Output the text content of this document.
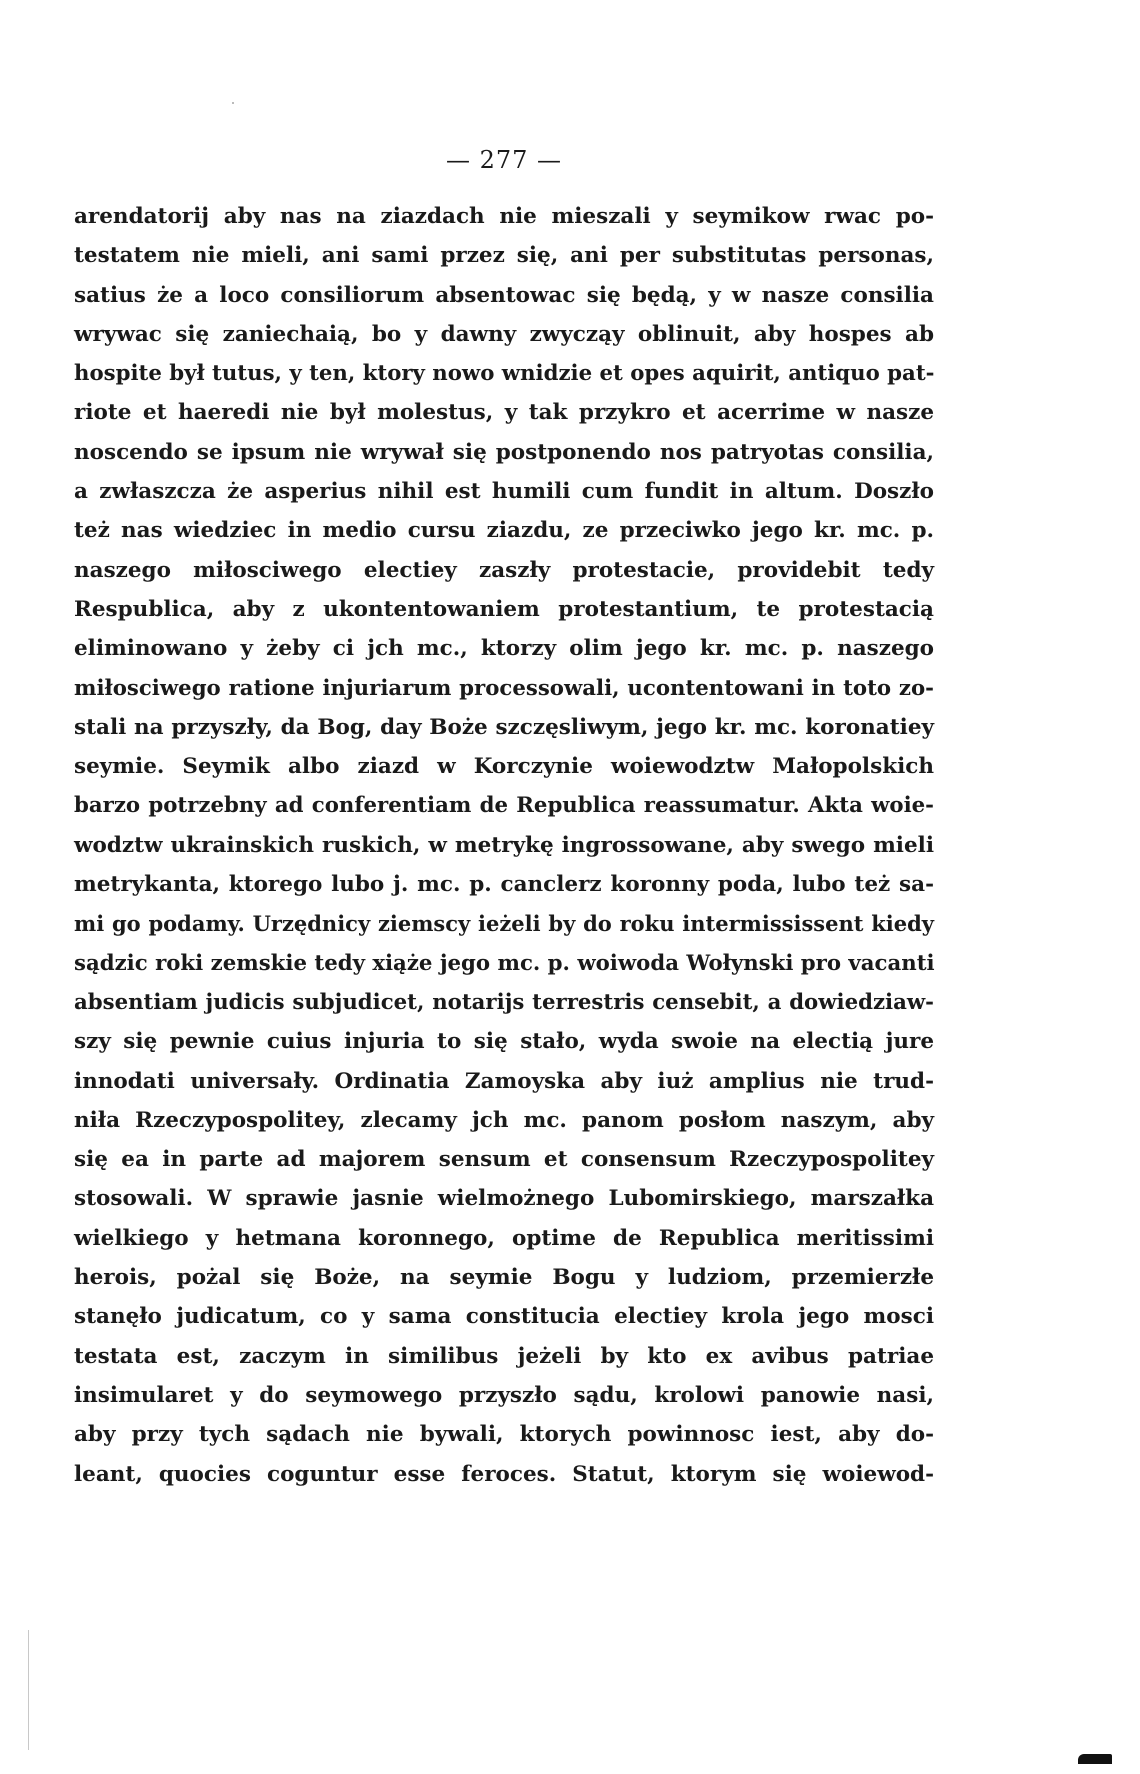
— 277 —
arendatorij aby nas na ziazdach nie mieszali y seymikow rwac po-
testatem nie mieli, ani sami przez się, ani per substitutas personas,
satius że a loco consiliorum absentowac się będą, y w nasze consilia
wrywac się zaniechaią, bo y dawny zwycząy oblinuit, aby hospes ab
hospite był tutus, y ten, ktory nowo wnidzie et opes aquirit, antiquo pat-
riote et haeredi nie był molestus, y tak przykro et acerrime w nasze
noscendo se ipsum nie wrywał się postponendo nos patryotas consilia,
a zwłaszcza że asperius nihil est humili cum fundit in altum. Doszło
też nas wiedziec in medio cursu ziazdu, ze przeciwko jego kr. mc. p.
naszego miłosciwego electiey zaszły protestacie, providebit tedy
Respublica, aby z ukontentowaniem protestantium, te protestacią
eliminowano y żeby ci jch mc., ktorzy olim jego kr. mc. p. naszego
miłosciwego ratione injuriarum processowali, ucontentowani in toto zo-
stali na przyszły, da Bog, day Boże szczęsliwym, jego kr. mc. koronatiey
seymie. Seymik albo ziazd w Korczynie woiewodztw Małopolskich
barzo potrzebny ad conferentiam de Republica reassumatur. Akta woie-
wodztw ukrainskich ruskich, w metrykę ingrossowane, aby swego mieli
metrykanta, ktorego lubo j. mc. p. canclerz koronny poda, lubo też sa-
mi go podamy. Urzędnicy ziemscy ieżeli by do roku intermississent kiedy
sądzic roki zemskie tedy xiąże jego mc. p. woiwoda Wołynski pro vacanti
absentiam judicis subjudicet, notarijs terrestris censebit, a dowiedziaw-
szy się pewnie cuius injuria to się stało, wyda swoie na electią jure
innodati universały. Ordinatia Zamoyska aby iuż amplius nie trud-
niła Rzeczypospolitey, zlecamy jch mc. panom posłom naszym, aby
się ea in parte ad majorem sensum et consensum Rzeczypospolitey
stosowali. W sprawie jasnie wielmożnego Lubomirskiego, marszałka
wielkiego y hetmana koronnego, optime de Republica meritissimi
herois, pożal się Boże, na seymie Bogu y ludziom, przemierzłe
stanęło judicatum, co y sama constitucia electiey krola jego mosci
testata est, zaczym in similibus jeżeli by kto ex avibus patriae
insimularet y do seymowego przyszło sądu, krolowi panowie nasi,
aby przy tych sądach nie bywali, ktorych powinnosc iest, aby do-
leant, quocies coguntur esse feroces. Statut, ktorym się woiewod-
